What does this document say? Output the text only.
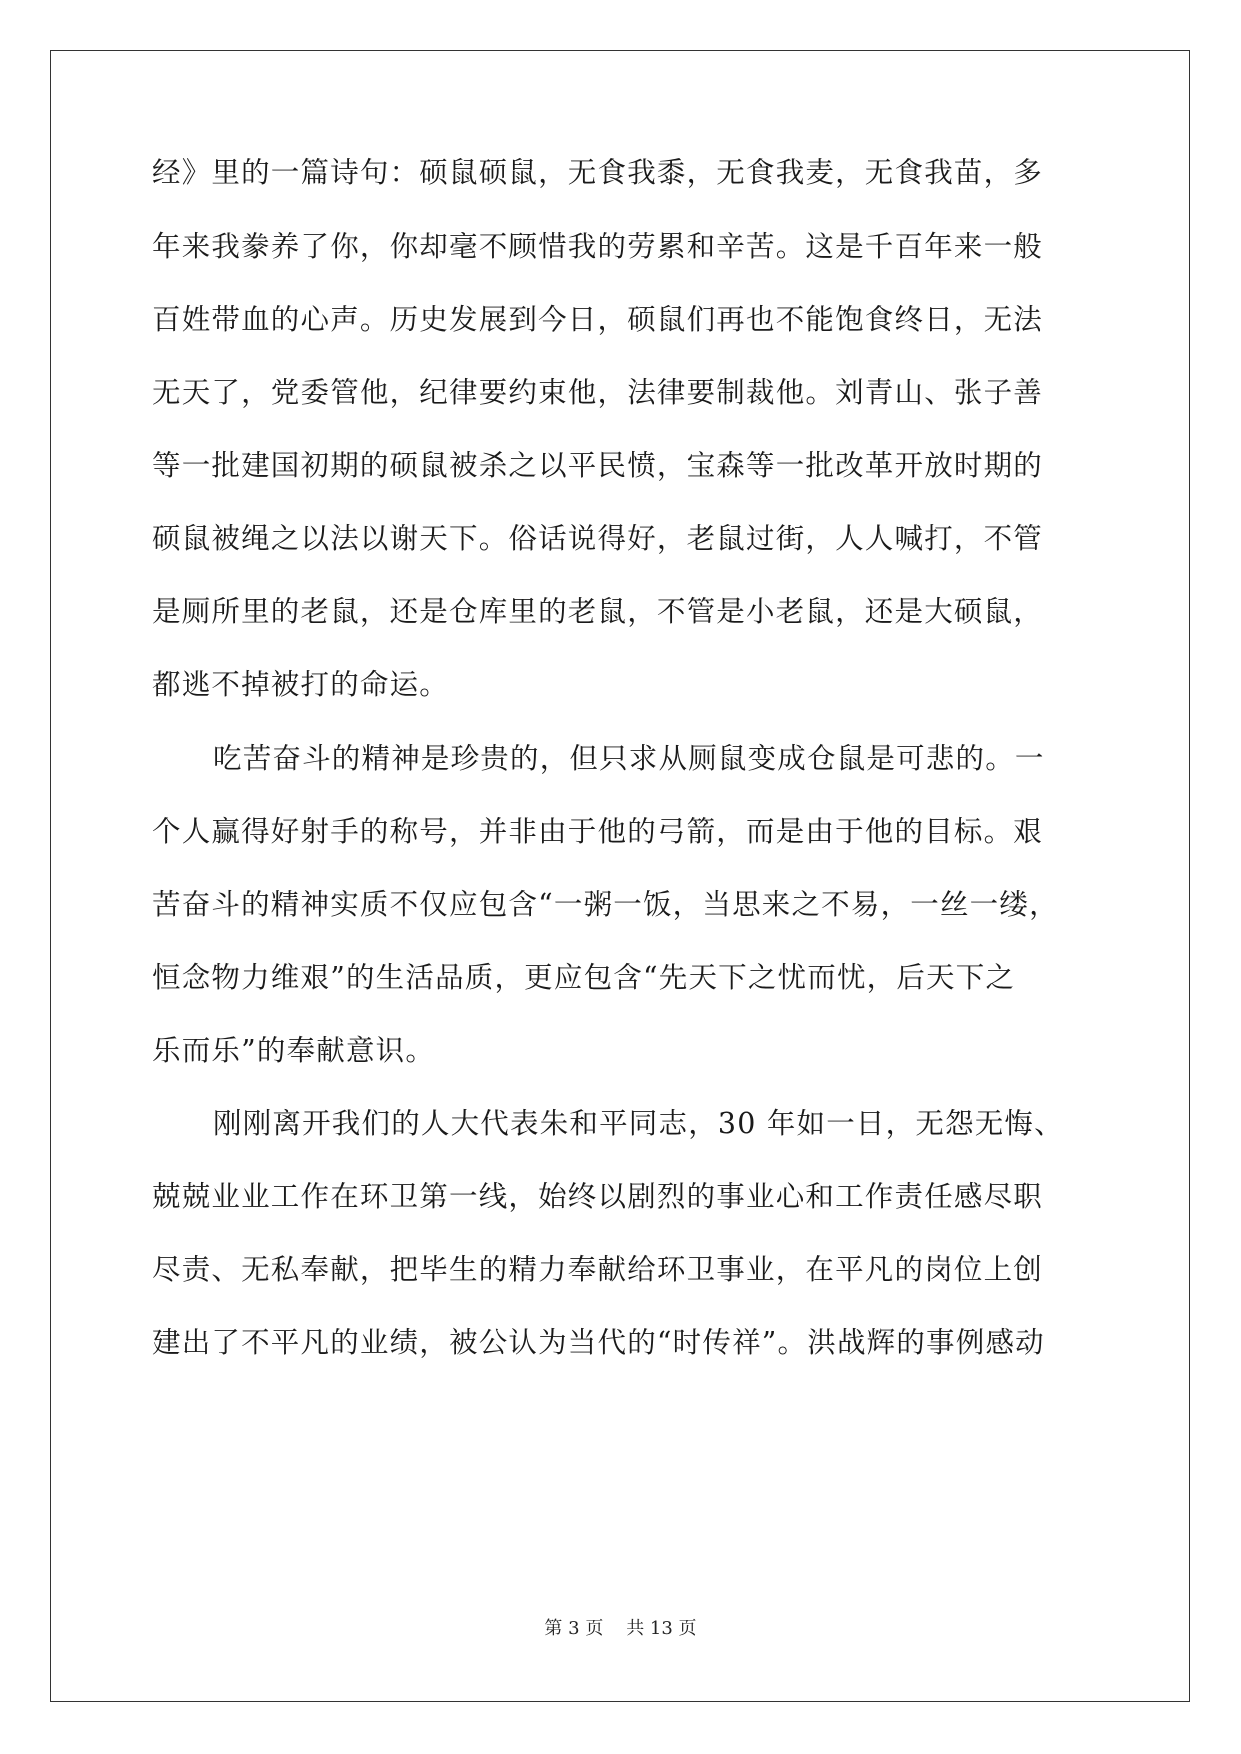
经》里的一篇诗句：硕鼠硕鼠，无食我黍，无食我麦，无食我苗，多
年来我豢养了你，你却毫不顾惜我的劳累和辛苦。这是千百年来一般
百姓带血的心声。历史发展到今日，硕鼠们再也不能饱食终日，无法
无天了，党委管他，纪律要约束他，法律要制裁他。刘青山、张子善
等一批建国初期的硕鼠被杀之以平民愤，宝森等一批改革开放时期的
硕鼠被绳之以法以谢天下。俗话说得好，老鼠过街，人人喊打，不管
是厕所里的老鼠，还是仓库里的老鼠，不管是小老鼠，还是大硕鼠，
都逃不掉被打的命运。
吃苦奋斗的精神是珍贵的，但只求从厕鼠变成仓鼠是可悲的。一
个人赢得好射手的称号，并非由于他的弓箭，而是由于他的目标。艰
苦奋斗的精神实质不仅应包含“一粥一饭，当思来之不易，一丝一缕，
恒念物力维艰”的生活品质，更应包含“先天下之忧而忧，后天下之
乐而乐”的奉献意识。
刚刚离开我们的人大代表朱和平同志，30 年如一日，无怨无悔、
兢兢业业工作在环卫第一线，始终以剧烈的事业心和工作责任感尽职
尽责、无私奉献，把毕生的精力奉献给环卫事业，在平凡的岗位上创
建出了不平凡的业绩，被公认为当代的“时传祥”。洪战辉的事例感动
第 3 页    共 13 页
